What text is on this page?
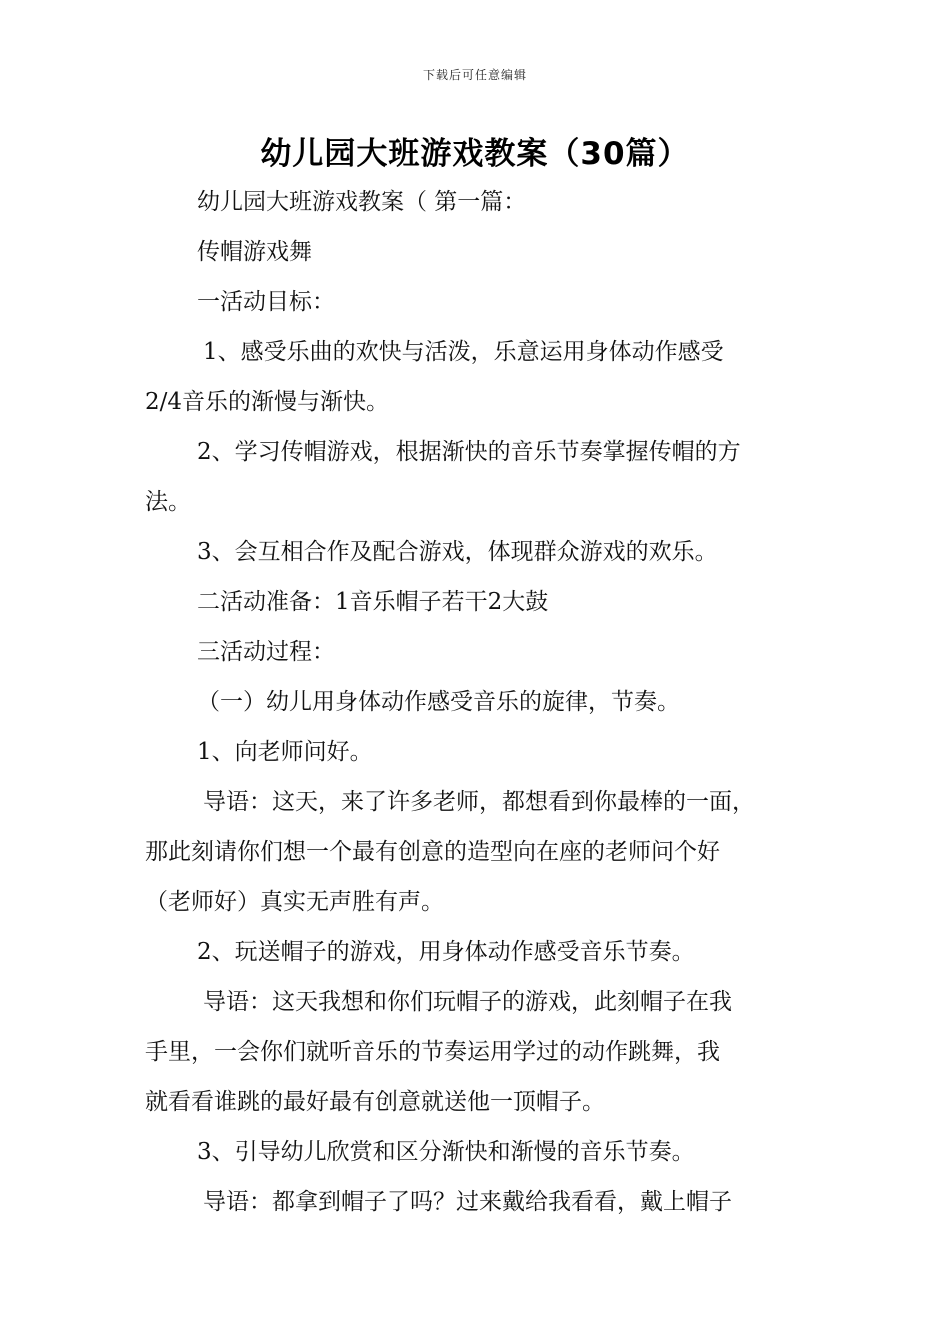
下载后可任意编辑
幼儿园大班游戏教案（30篇）
幼儿园大班游戏教案（ 第一篇：
传帽游戏舞
一活动目标：
1、感受乐曲的欢快与活泼，乐意运用身体动作感受
2/4音乐的渐慢与渐快。
2、学习传帽游戏，根据渐快的音乐节奏掌握传帽的方
法。
3、会互相合作及配合游戏，体现群众游戏的欢乐。
二活动准备：1音乐帽子若干2大鼓
三活动过程：
（一）幼儿用身体动作感受音乐的旋律，节奏。
1、向老师问好。
导语：这天，来了许多老师，都想看到你最棒的一面，
那此刻请你们想一个最有创意的造型向在座的老师问个好
（老师好）真实无声胜有声。
2、玩送帽子的游戏，用身体动作感受音乐节奏。
导语：这天我想和你们玩帽子的游戏，此刻帽子在我
手里，一会你们就听音乐的节奏运用学过的动作跳舞，我
就看看谁跳的最好最有创意就送他一顶帽子。
3、引导幼儿欣赏和区分渐快和渐慢的音乐节奏。
导语：都拿到帽子了吗？过来戴给我看看，戴上帽子
